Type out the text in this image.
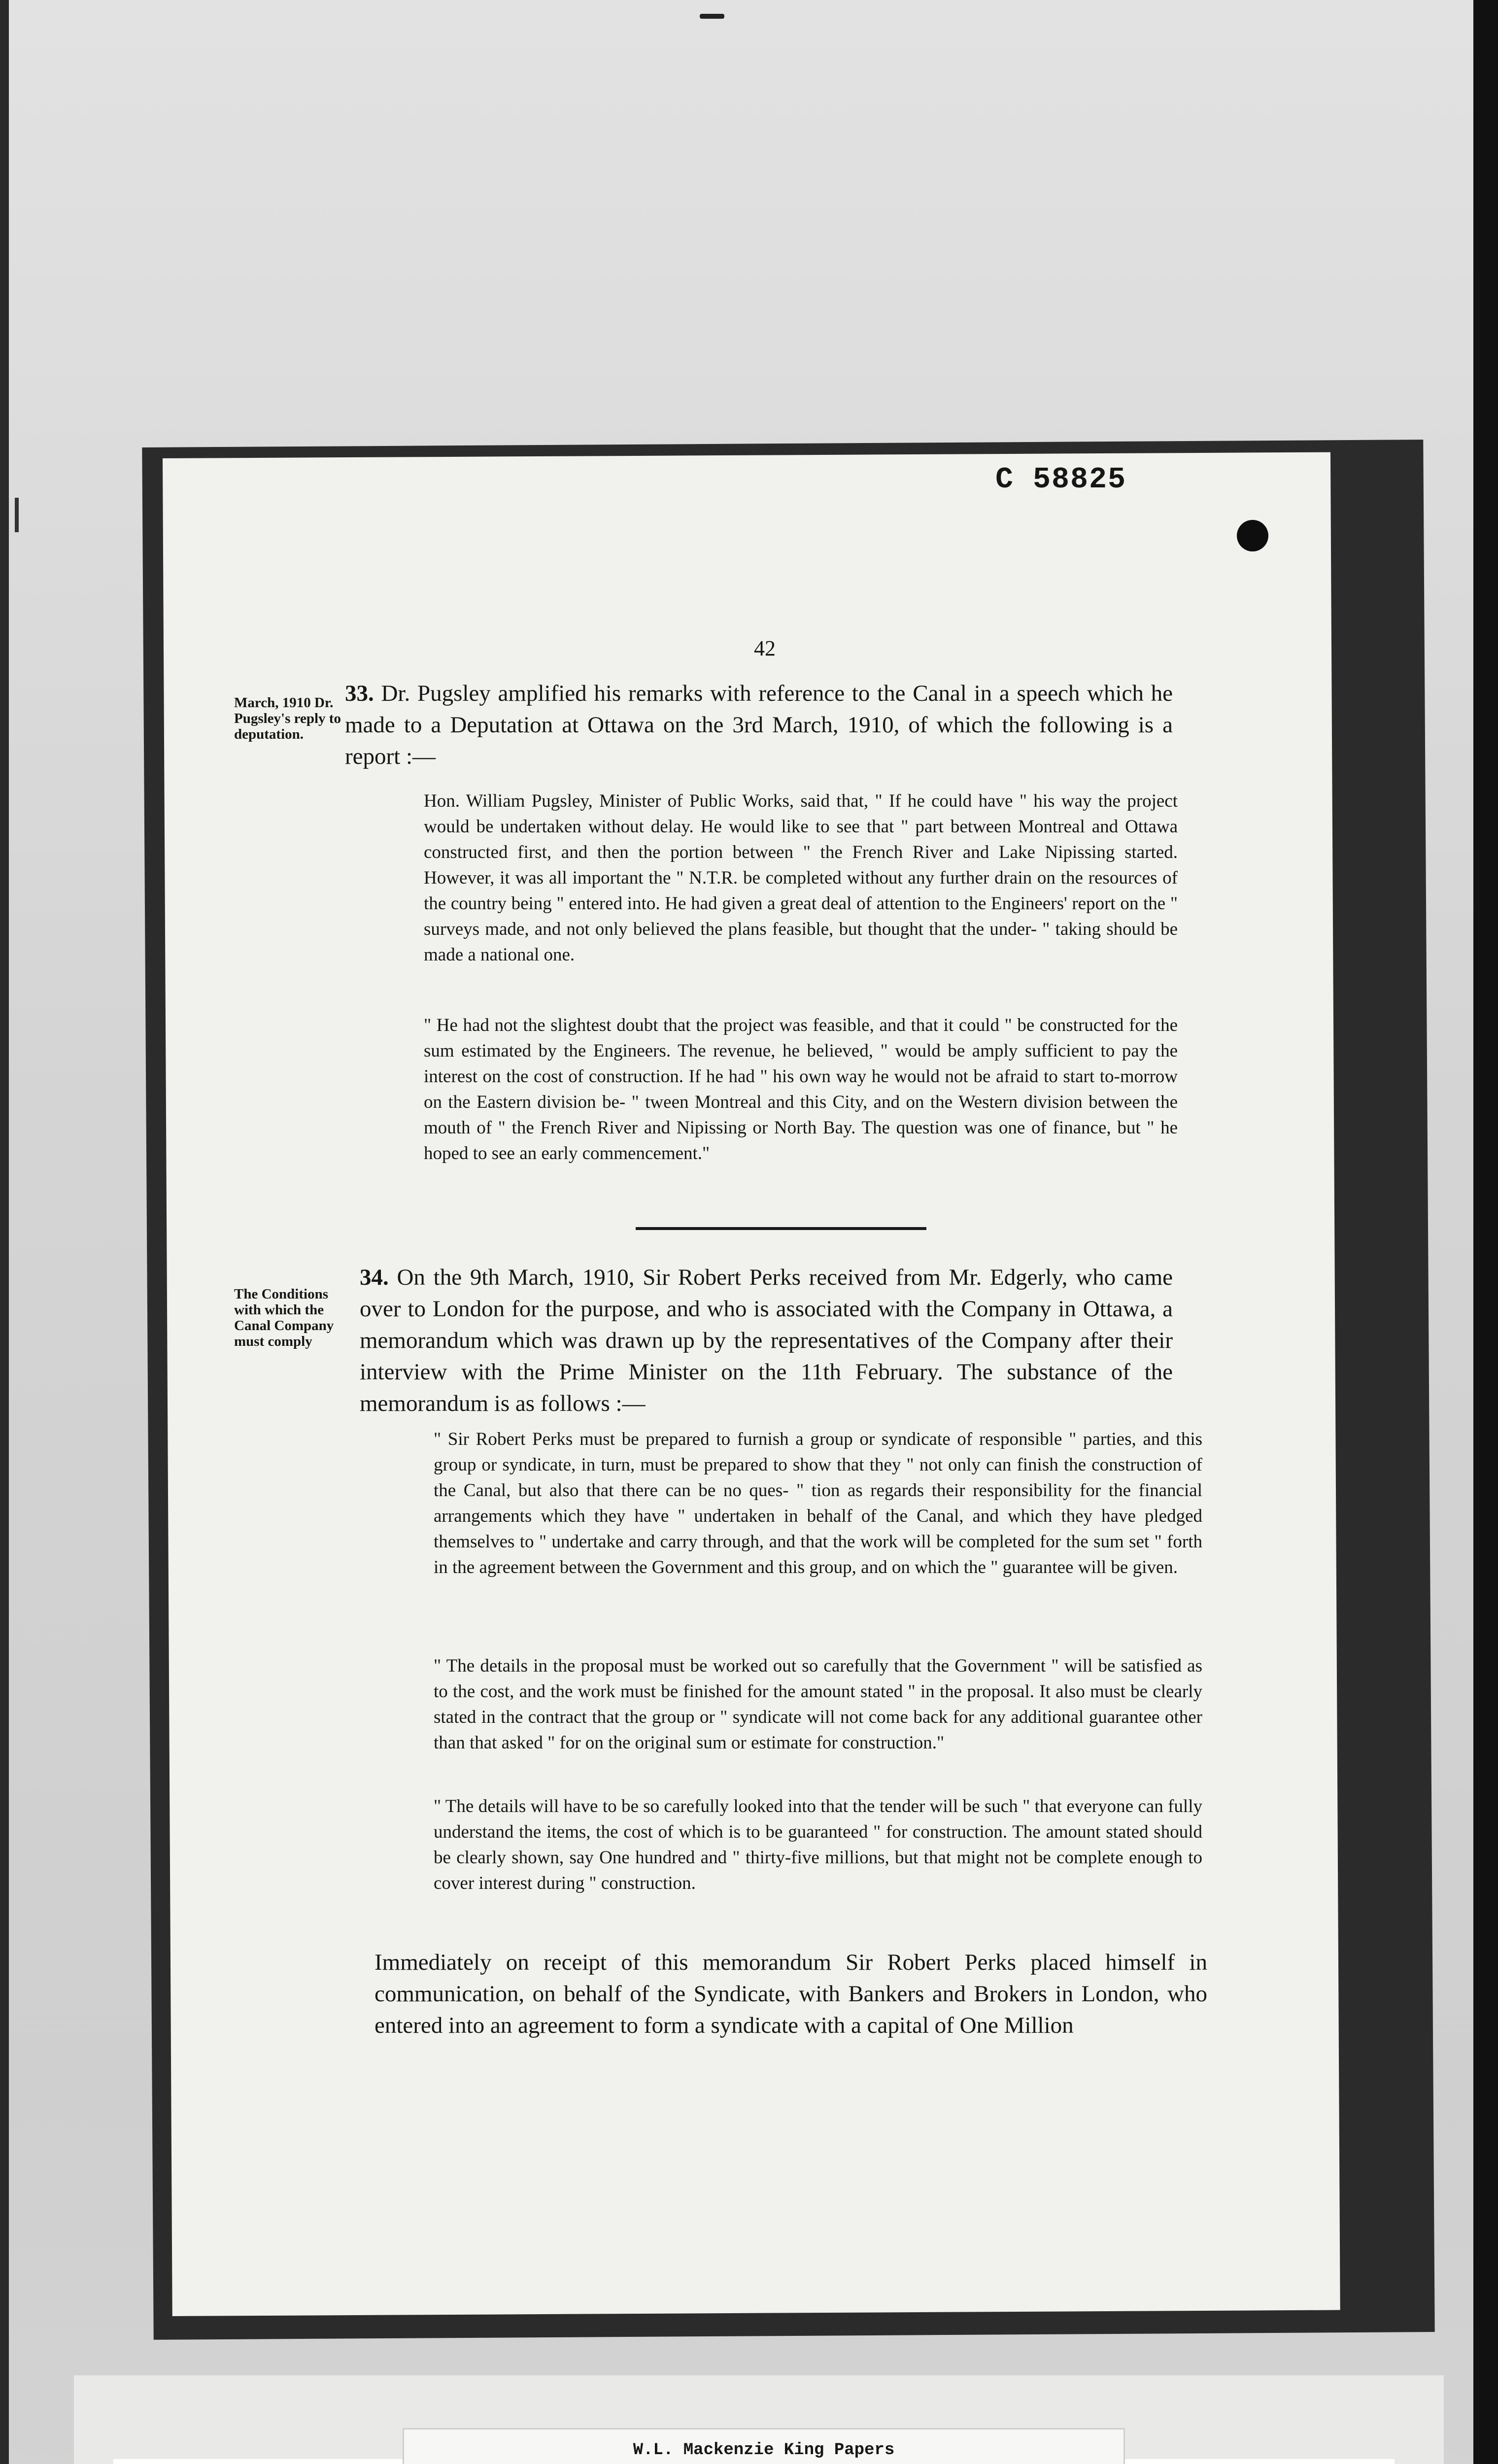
C 58825
42
March, 1910 Dr. Pugsley's reply to deputation.
The Conditions with which the Canal Company must comply
33. Dr. Pugsley amplified his remarks with reference to the Canal in a speech which he made to a Deputation at Ottawa on the 3rd March, 1910, of which the following is a report :—
Hon. William Pugsley, Minister of Public Works, said that, " If he could have " his way the project would be undertaken without delay. He would like to see that " part between Montreal and Ottawa constructed first, and then the portion between " the French River and Lake Nipissing started. However, it was all important the " N.T.R. be completed without any further drain on the resources of the country being " entered into. He had given a great deal of attention to the Engineers' report on the " surveys made, and not only believed the plans feasible, but thought that the under- " taking should be made a national one.
" He had not the slightest doubt that the project was feasible, and that it could " be constructed for the sum estimated by the Engineers. The revenue, he believed, " would be amply sufficient to pay the interest on the cost of construction. If he had " his own way he would not be afraid to start to-morrow on the Eastern division be- " tween Montreal and this City, and on the Western division between the mouth of " the French River and Nipissing or North Bay. The question was one of finance, but " he hoped to see an early commencement."
34. On the 9th March, 1910, Sir Robert Perks received from Mr. Edgerly, who came over to London for the purpose, and who is associated with the Company in Ottawa, a memorandum which was drawn up by the representatives of the Company after their interview with the Prime Minister on the 11th February. The substance of the memorandum is as follows :—
" Sir Robert Perks must be prepared to furnish a group or syndicate of responsible " parties, and this group or syndicate, in turn, must be prepared to show that they " not only can finish the construction of the Canal, but also that there can be no ques- " tion as regards their responsibility for the financial arrangements which they have " undertaken in behalf of the Canal, and which they have pledged themselves to " undertake and carry through, and that the work will be completed for the sum set " forth in the agreement between the Government and this group, and on which the " guarantee will be given.
" The details in the proposal must be worked out so carefully that the Government " will be satisfied as to the cost, and the work must be finished for the amount stated " in the proposal. It also must be clearly stated in the contract that the group or " syndicate will not come back for any additional guarantee other than that asked " for on the original sum or estimate for construction."
" The details will have to be so carefully looked into that the tender will be such " that everyone can fully understand the items, the cost of which is to be guaranteed " for construction. The amount stated should be clearly shown, say One hundred and " thirty-five millions, but that might not be complete enough to cover interest during " construction.
Immediately on receipt of this memorandum Sir Robert Perks placed himself in communication, on behalf of the Syndicate, with Bankers and Brokers in London, who entered into an agreement to form a syndicate with a capital of One Million
W.L. Mackenzie King Papers
